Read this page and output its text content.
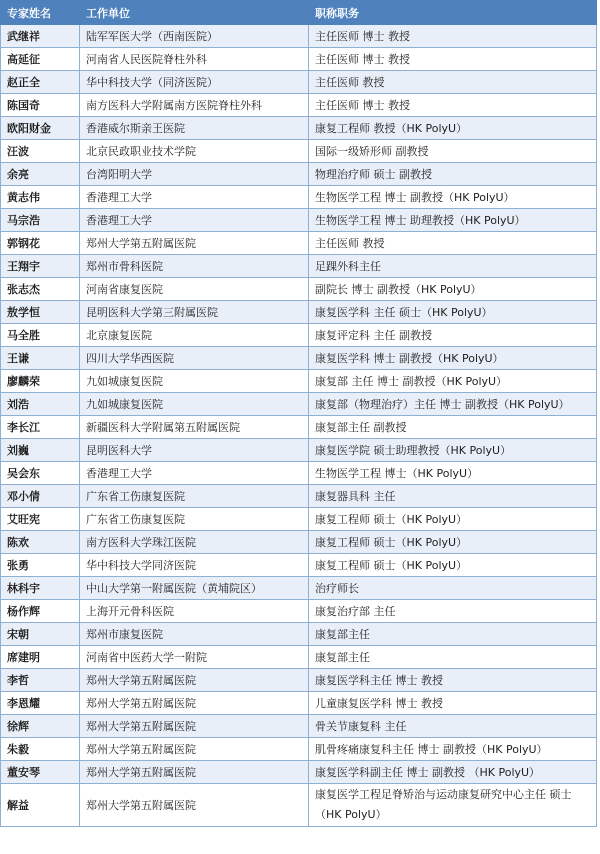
专家姓名	工作单位	职称职务
武继祥	陆军军医大学（西南医院）	主任医师 博士 教授
高延征	河南省人民医院脊柱外科	主任医师 博士 教授
赵正全	华中科技大学（同济医院）	主任医师 教授
陈国奇	南方医科大学附属南方医院脊柱外科	主任医师 博士 教授
欧阳财金	香港威尔斯亲王医院	康复工程师 教授（HK PolyU）
汪波	北京民政职业技术学院	国际一级矫形师 副教授
余亮	台湾阳明大学	物理治疗师 硕士 副教授
黄志伟	香港理工大学	生物医学工程 博士 副教授（HK PolyU）
马宗浩	香港理工大学	生物医学工程 博士 助理教授（HK PolyU）
郭钢花	郑州大学第五附属医院	主任医师 教授
王翔宇	郑州市骨科医院	足踝外科主任
张志杰	河南省康复医院	副院长 博士 副教授（HK PolyU）
敖学恒	昆明医科大学第三附属医院	康复医学科 主任 硕士（HK PolyU）
马全胜	北京康复医院	康复评定科 主任 副教授
王谦	四川大学华西医院	康复医学科 博士 副教授（HK PolyU）
廖麟荣	九如城康复医院	康复部 主任 博士 副教授（HK PolyU）
刘浩	九如城康复医院	康复部（物理治疗）主任 博士 副教授（HK PolyU）
李长江	新疆医科大学附属第五附属医院	康复部主任 副教授
刘巍	昆明医科大学	康复医学院 硕士助理教授（HK PolyU）
吴会东	香港理工大学	生物医学工程 博士（HK PolyU）
邓小倩	广东省工伤康复医院	康复器具科 主任
艾旺宪	广东省工伤康复医院	康复工程师 硕士（HK PolyU）
陈欢	南方医科大学珠江医院	康复工程师 硕士（HK PolyU）
张勇	华中科技大学同济医院	康复工程师 硕士（HK PolyU）
林科宇	中山大学第一附属医院（黄埔院区）	治疗师长
杨作辉	上海开元骨科医院	康复治疗部 主任
宋朝	郑州市康复医院	康复部主任
席建明	河南省中医药大学一附院	康复部主任
李哲	郑州大学第五附属医院	康复医学科主任 博士 教授
李恩耀	郑州大学第五附属医院	儿童康复医学科 博士 教授
徐辉	郑州大学第五附属医院	骨关节康复科 主任
朱毅	郑州大学第五附属医院	肌骨疼痛康复科主任 博士 副教授（HK PolyU）
董安琴	郑州大学第五附属医院	康复医学科副主任 博士 副教授 （HK PolyU）
解益	郑州大学第五附属医院	康复医学工程足脊矫治与运动康复研究中心主任 硕士（HK PolyU）
